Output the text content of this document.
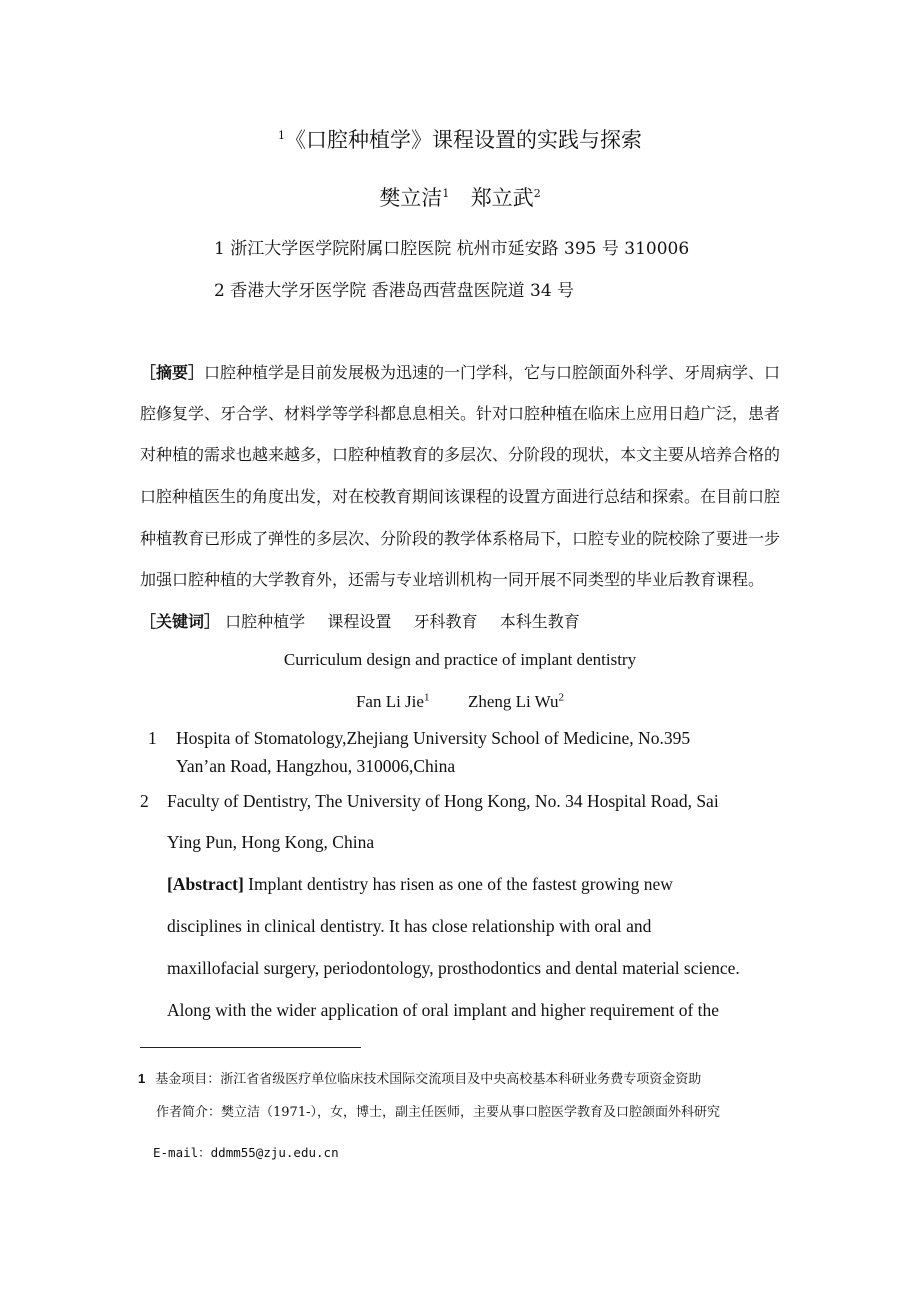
$^1$《口腔种植学》课程设置的实践与探索
樊立洁$^1$ 郑立武$^2$
1 浙江大学医学院附属口腔医院 杭州市延安路 395 号 310006
2 香港大学牙医学院 香港岛西营盘医院道 34 号
［摘要］口腔种植学是目前发展极为迅速的一门学科，它与口腔颌面外科学、牙周病学、口
腔修复学、牙合学、材料学等学科都息息相关。针对口腔种植在临床上应用日趋广泛，患者
对种植的需求也越来越多，口腔种植教育的多层次、分阶段的现状，本文主要从培养合格的
口腔种植医生的角度出发，对在校教育期间该课程的设置方面进行总结和探索。在目前口腔
种植教育已形成了弹性的多层次、分阶段的教学体系格局下，口腔专业的院校除了要进一步
加强口腔种植的大学教育外，还需与专业培训机构一同开展不同类型的毕业后教育课程。
［关键词］ 口腔种植学 课程设置 牙科教育 本科生教育
Curriculum design and practice of implant dentistry
Fan Li Jie$^1$ Zheng Li Wu$^2$
1 Hospita of Stomatology,Zhejiang University School of Medicine, No.395
Yan’an Road, Hangzhou, 310006,China
2 Faculty of Dentistry, The University of Hong Kong, No. 34 Hospital Road, Sai
Ying Pun, Hong Kong, China
[Abstract] Implant dentistry has risen as one of the fastest growing new
disciplines in clinical dentistry. It has close relationship with oral and
maxillofacial surgery, periodontology, prosthodontics and dental material science.
Along with the wider application of oral implant and higher requirement of the
1 基金项目：浙江省省级医疗单位临床技术国际交流项目及中央高校基本科研业务费专项资金资助
作者简介：樊立洁（1971-），女，博士，副主任医师，主要从事口腔医学教育及口腔颌面外科研究
E-mail：ddmm55@zju.edu.cn
